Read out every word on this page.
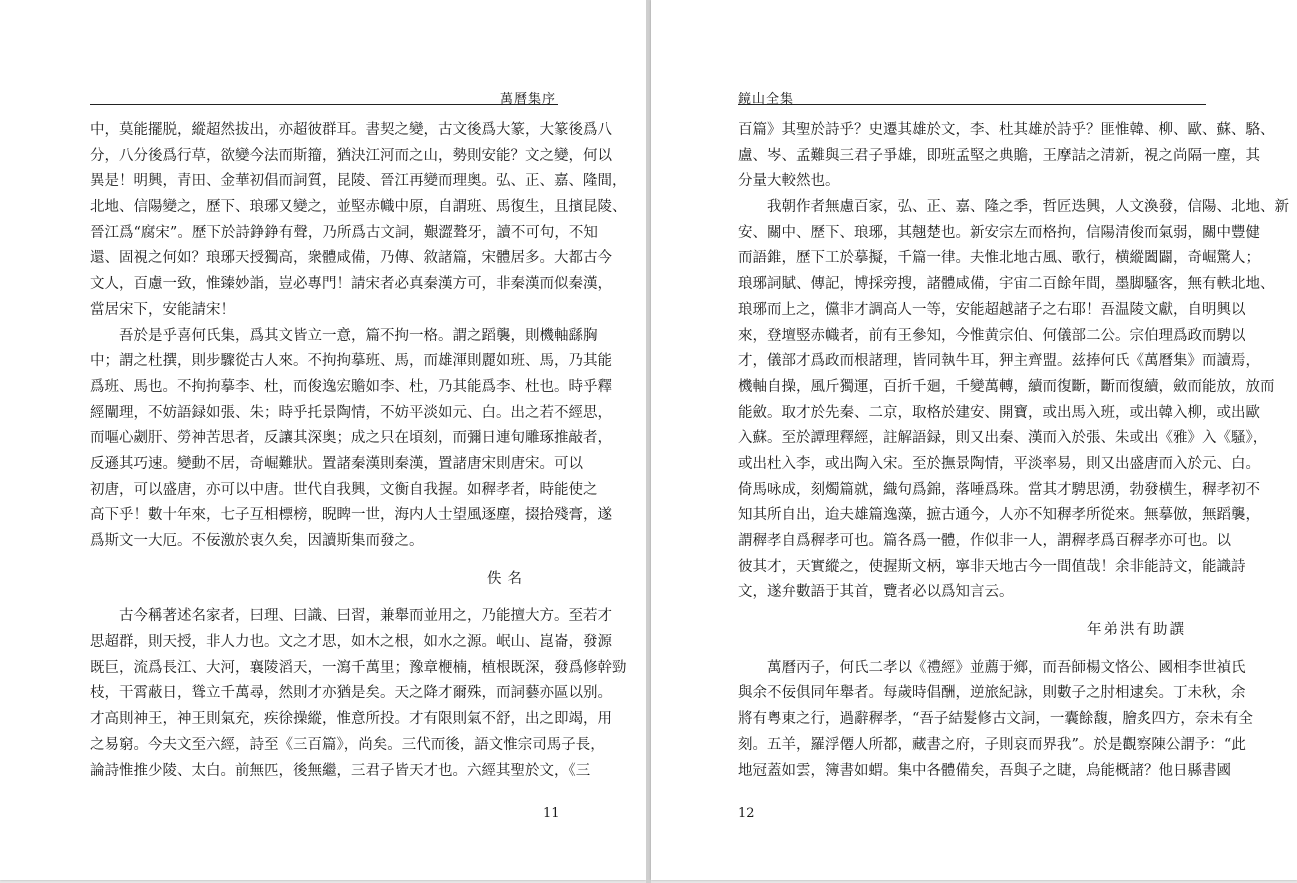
萬曆集序
中，莫能擺脱，縱超然拔出，亦超彼群耳。書契之變，古文後爲大篆，大篆後爲八
分，八分後爲行草，欲變今法而斯籀，猶決江河而之山，勢則安能？文之變，何以
異是！明興，青田、金華初倡而詞質，昆陵、晉江再變而理奥。弘、正、嘉、隆間，
北地、信陽變之，歷下、琅琊又變之，並堅赤幟中原，自謂班、馬復生，且擯昆陵、
晉江爲“腐宋”。歷下於詩錚錚有聲，乃所爲古文詞，艱澀聱牙，讀不可句，不知
還、固視之何如？琅琊天授獨高，衆體咸備，乃傳、敘諸篇，宋體居多。大都古今
文人，百慮一致，惟臻妙詣，豈必專門！請宋者必真秦漢方可，非秦漢而似秦漢，
當居宋下，安能請宋！
吾於是乎喜何氏集，爲其文皆立一意，篇不拘一格。謂之蹈襲，則機軸繇胸
中；謂之杜撰，則步驟從古人來。不拘拘摹班、馬，而雄渾則麗如班、馬，乃其能
爲班、馬也。不拘拘摹李、杜，而俊逸宏贍如李、杜，乃其能爲李、杜也。時乎釋
經闡理，不妨語録如張、朱；時乎托景陶情，不妨平淡如元、白。出之若不經思，
而嘔心劌肝、勞神苦思者，反讓其深奥；成之只在頃刻，而彌日連旬雕琢推敲者，
反遜其巧速。變動不居，奇崛難狀。置諸秦漢則秦漢，置諸唐宋則唐宋。可以
初唐，可以盛唐，亦可以中唐。世代自我興，文衡自我握。如稺孝者，時能使之
高下乎！數十年來，七子互相標榜，睨睥一世，海内人士望風逐塵，掇拾殘膏，遂
爲斯文一大厄。不佞激於衷久矣，因讀斯集而發之。
佚名
古今稱著述名家者，曰理、曰識、曰習，兼舉而並用之，乃能擅大方。至若才
思超群，則天授，非人力也。文之才思，如木之根，如水之源。岷山、崑崙，發源
既巨，流爲長江、大河，襄陵滔天，一瀉千萬里；豫章楩楠，植根既深，發爲修幹勁
枝，干霄蔽日，聳立千萬尋，然則才亦猶是矣。天之降才爾殊，而詞藝亦區以别。
才高則神王，神王則氣充，疾徐操縱，惟意所投。才有限則氣不舒，出之即竭，用
之易窮。今夫文至六經，詩至《三百篇》，尚矣。三代而後，語文惟宗司馬子長，
論詩惟推少陵、太白。前無匹，後無繼，三君子皆天才也。六經其聖於文，《三
11
鏡山全集
百篇》其聖於詩乎？史遷其雄於文，李、杜其雄於詩乎？匪惟韓、柳、歐、蘇、駱、
盧、岑、孟難與三君子爭雄，即班孟堅之典贍，王摩詰之清新，視之尚隔一塵，其
分量大較然也。
我朝作者無慮百家，弘、正、嘉、隆之季，哲匠迭興，人文渙發，信陽、北地、新
安、關中、歷下、琅琊，其翹楚也。新安宗左而格拘，信陽清俊而氣弱，關中豐健
而語錐，歷下工於摹擬，千篇一律。夫惟北地古風、歌行，横縱闔闢，奇崛驚人；
琅琊詞賦、傳記，博採旁搜，諸體咸備，宇宙二百餘年間，墨脚騷客，無有軼北地、
琅琊而上之，儻非才調高人一等，安能超越諸子之右耶！吾温陵文獻，自明興以
來，登壇竪赤幟者，前有王參知，今惟黄宗伯、何儀部二公。宗伯理爲政而騁以
才，儀部才爲政而根諸理，皆同執牛耳，狎主齊盟。兹捧何氏《萬曆集》而讀焉，
機軸自操，風斤獨運，百折千廻，千變萬轉，續而復斷，斷而復續，斂而能放，放而
能斂。取才於先秦、二京，取格於建安、開寶，或出馬入班，或出韓入柳，或出歐
入蘇。至於譚理釋經，註解語録，則又出秦、漢而入於張、朱或出《雅》入《騷》，
或出杜入李，或出陶入宋。至於撫景陶情，平淡率易，則又出盛唐而入於元、白。
倚馬咏成，刻燭篇就，織句爲錦，落唾爲珠。當其才騁思湧，勃發横生，稺孝初不
知其所自出，迨夫雄篇逸藻，摭古通今，人亦不知稺孝所從來。無摹倣，無蹈襲，
謂稺孝自爲稺孝可也。篇各爲一體，作似非一人，謂稺孝爲百稺孝亦可也。以
彼其才，天實縱之，使握斯文柄，寧非天地古今一間值哉！余非能詩文，能識詩
文，遂弁數語于其首，覽者必以爲知言云。
年弟洪有助譔
萬曆丙子，何氏二孝以《禮經》並薦于鄉，而吾師楊文恪公、國相李世禎氏
與余不佞俱同年舉者。每歲時倡酬，逆旅紀詠，則數子之肘相逮矣。丁未秋，余
將有粤東之行，過辭稺孝，“吾子結髮修古文詞，一囊餘馥，膾炙四方，奈未有全
刻。五羊，羅浮僊人所都，藏書之府，子則哀而界我”。於是觀察陳公謂予：“此
地冠蓋如雲，簿書如蝟。集中各體備矣，吾與子之睫，烏能概諸？他日縣書國
12
